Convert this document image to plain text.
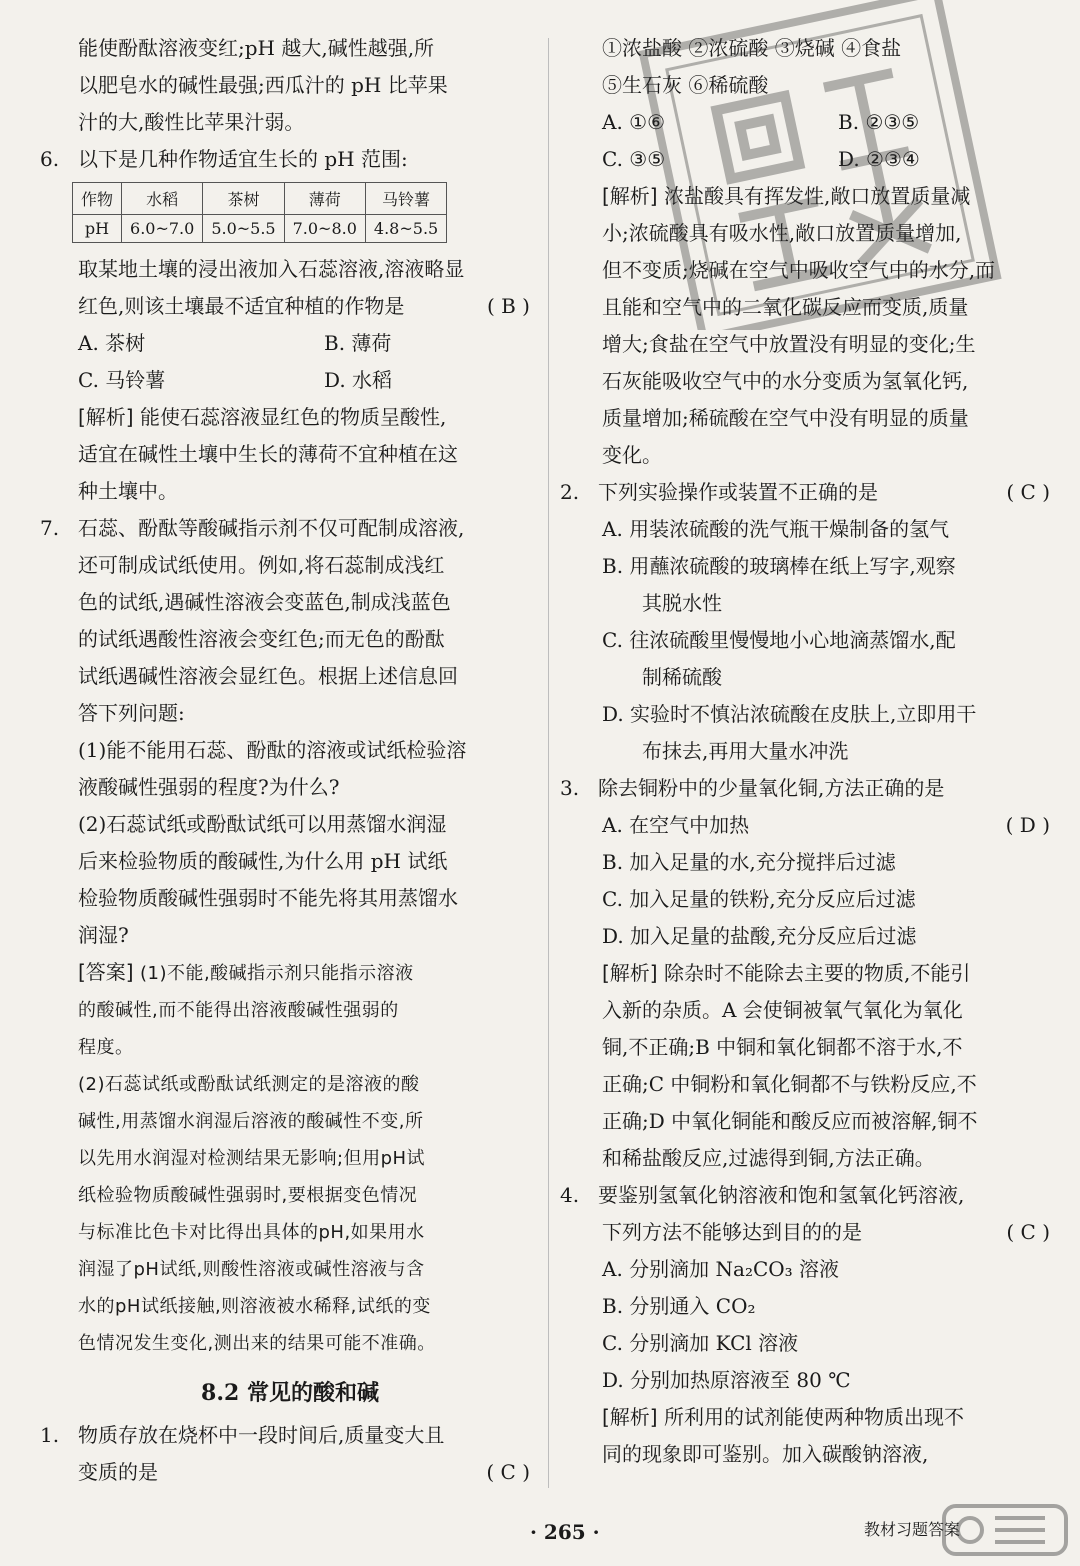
能使酚酞溶液变红;pH 越大,碱性越强,所
以肥皂水的碱性最强;西瓜汁的 pH 比苹果
汁的大,酸性比苹果汁弱。
6. 以下是几种作物适宜生长的 pH 范围:
作物	水稻	茶树	薄荷	马铃薯
pH	6.0~7.0	5.0~5.5	7.0~8.0	4.8~5.5
取某地土壤的浸出液加入石蕊溶液,溶液略显
红色,则该土壤最不适宜种植的作物是	( B )
A. 茶树	B. 薄荷
C. 马铃薯	D. 水稻
[解析] 能使石蕊溶液显红色的物质呈酸性,
适宜在碱性土壤中生长的薄荷不宜种植在这
种土壤中。
7. 石蕊、酚酞等酸碱指示剂不仅可配制成溶液,
还可制成试纸使用。例如,将石蕊制成浅红
色的试纸,遇碱性溶液会变蓝色,制成浅蓝色
的试纸遇酸性溶液会变红色;而无色的酚酞
试纸遇碱性溶液会显红色。根据上述信息回
答下列问题:
(1)能不能用石蕊、酚酞的溶液或试纸检验溶
液酸碱性强弱的程度?为什么?
(2)石蕊试纸或酚酞试纸可以用蒸馏水润湿
后来检验物质的酸碱性,为什么用 pH 试纸
检验物质酸碱性强弱时不能先将其用蒸馏水
润湿?
[答案] (1)不能,酸碱指示剂只能指示溶液
的酸碱性,而不能得出溶液酸碱性强弱的
程度。
(2)石蕊试纸或酚酞试纸测定的是溶液的酸
碱性,用蒸馏水润湿后溶液的酸碱性不变,所
以先用水润湿对检测结果无影响;但用pH试
纸检验物质酸碱性强弱时,要根据变色情况
与标准比色卡对比得出具体的pH,如果用水
润湿了pH试纸,则酸性溶液或碱性溶液与含
水的pH试纸接触,则溶液被水稀释,试纸的变
色情况发生变化,测出来的结果可能不准确。
8.2 常见的酸和碱
1. 物质存放在烧杯中一段时间后,质量变大且
变质的是	( C )
①浓盐酸 ②浓硫酸 ③烧碱 ④食盐
⑤生石灰 ⑥稀硫酸
A. ①⑥	B. ②③⑤
C. ③⑤	D. ②③④
[解析] 浓盐酸具有挥发性,敞口放置质量减
小;浓硫酸具有吸水性,敞口放置质量增加,
但不变质;烧碱在空气中吸收空气中的水分,而
且能和空气中的二氧化碳反应而变质,质量
增大;食盐在空气中放置没有明显的变化;生
石灰能吸收空气中的水分变质为氢氧化钙,
质量增加;稀硫酸在空气中没有明显的质量
变化。
2. 下列实验操作或装置不正确的是	( C )
A. 用装浓硫酸的洗气瓶干燥制备的氢气
B. 用蘸浓硫酸的玻璃棒在纸上写字,观察
其脱水性
C. 往浓硫酸里慢慢地小心地滴蒸馏水,配
制稀硫酸
D. 实验时不慎沾浓硫酸在皮肤上,立即用干
布抹去,再用大量水冲洗
3. 除去铜粉中的少量氧化铜,方法正确的是
( D )
A. 在空气中加热
B. 加入足量的水,充分搅拌后过滤
C. 加入足量的铁粉,充分反应后过滤
D. 加入足量的盐酸,充分反应后过滤
[解析] 除杂时不能除去主要的物质,不能引
入新的杂质。A 会使铜被氧气氧化为氧化
铜,不正确;B 中铜和氧化铜都不溶于水,不
正确;C 中铜粉和氧化铜都不与铁粉反应,不
正确;D 中氧化铜能和酸反应而被溶解,铜不
和稀盐酸反应,过滤得到铜,方法正确。
4. 要鉴别氢氧化钠溶液和饱和氢氧化钙溶液,
下列方法不能够达到目的的是	( C )
A. 分别滴加 Na₂CO₃ 溶液
B. 分别通入 CO₂
C. 分别滴加 KCl 溶液
D. 分别加热原溶液至 80 ℃
[解析] 所利用的试剂能使两种物质出现不
同的现象即可鉴别。加入碳酸钠溶液,
· 265 ·	教材习题答案
